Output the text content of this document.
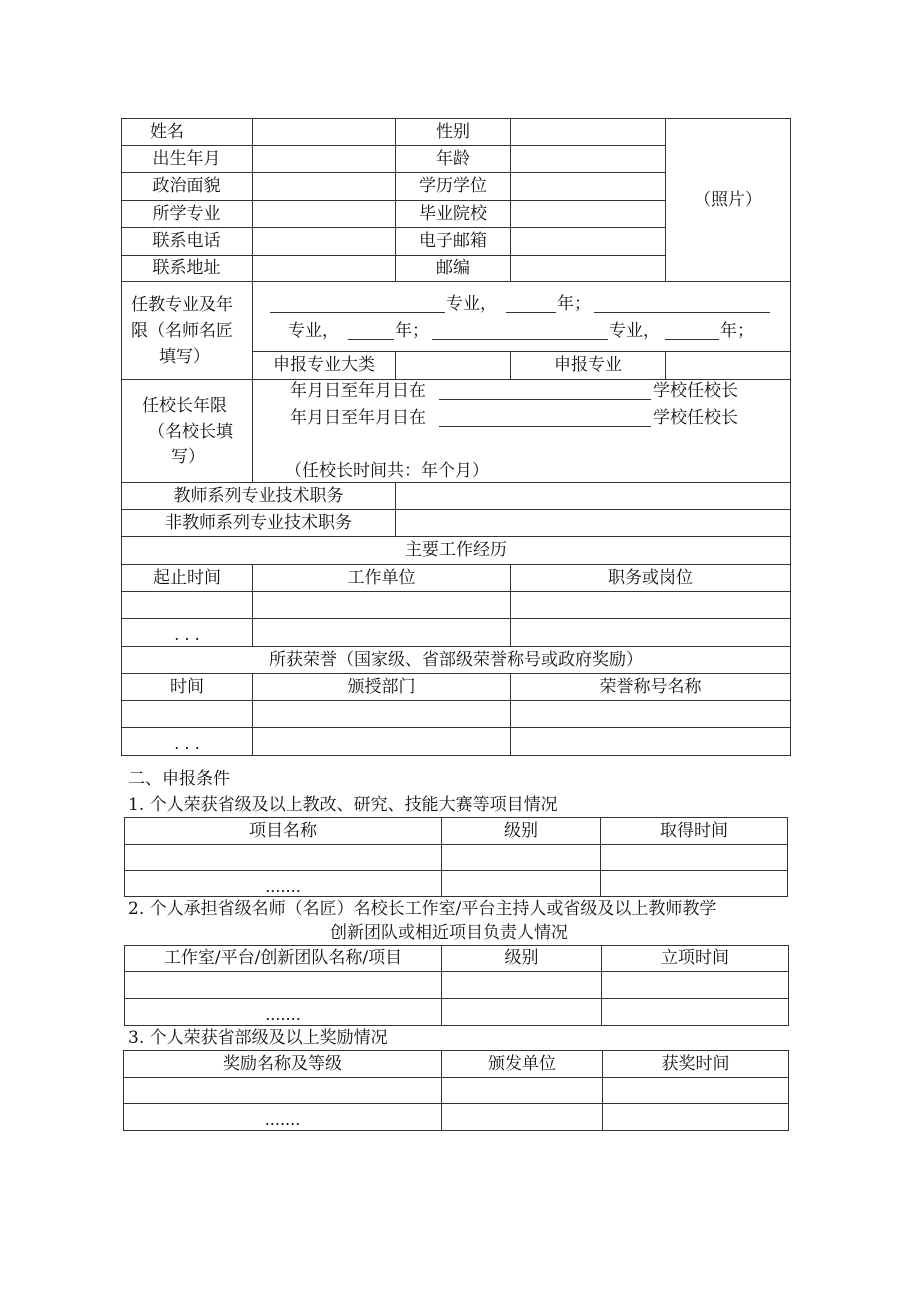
姓名	性别
出生年月	年龄
政治面貌	学历学位
所学专业	毕业院校
联系电话	电子邮箱
联系地址	邮编
（照片）
任教专业及年
限（名师名匠
填写）
专业，	年；
专业，	年；	专业，	年；
申报专业大类	申报专业
任校长年限
（名校长填
写）
年月日至年月日在	学校任校长
年月日至年月日在	学校任校长
（任校长时间共：年个月）
教师系列专业技术职务
非教师系列专业技术职务
主要工作经历
起止时间	工作单位	职务或岗位
. . .
所获荣誉（国家级、省部级荣誉称号或政府奖励）
时间	颁授部门	荣誉称号名称
. . .
二、申报条件
1. 个人荣获省级及以上教改、研究、技能大赛等项目情况
项目名称	级别	取得时间
.......
2. 个人承担省级名师（名匠）名校长工作室/平台主持人或省级及以上教师教学
创新团队或相近项目负责人情况
工作室/平台/创新团队名称/项目	级别	立项时间
.......
3. 个人荣获省部级及以上奖励情况
奖励名称及等级	颁发单位	获奖时间
.......
